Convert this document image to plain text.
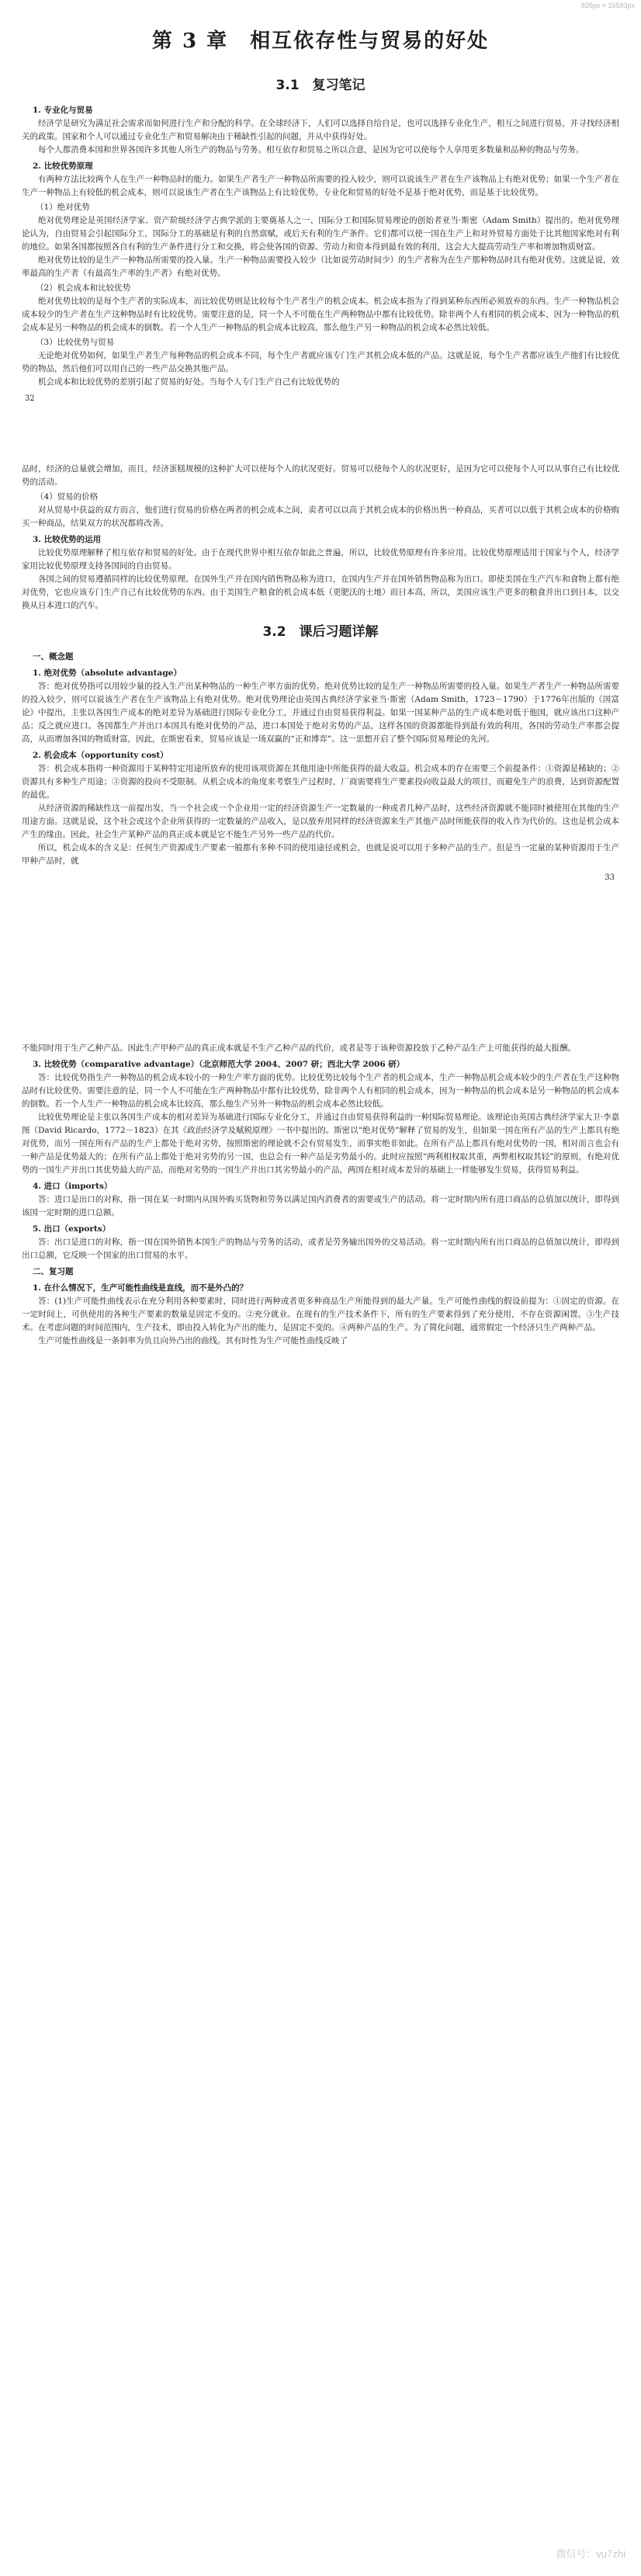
826px × 16593px
第 3 章　相互依存性与贸易的好处
3.1　复习笔记
1. 专业化与贸易

经济学是研究为满足社会需求而如何进行生产和分配的科学。在全球经济下，人们可以选择自给自足，也可以选择专业化生产，相互之间进行贸易，并寻找经济相关的政策。国家和个人可以通过专业化生产和贸易解决由于稀缺性引起的问题，并从中获得好处。

每个人都消费本国和世界各国许多其他人所生产的物品与劳务。相互依存和贸易之所以合意，是因为它可以使每个人享用更多数量和品种的物品与劳务。

2. 比较优势原理

有两种方法比较两个人在生产一种物品时的能力。如果生产者生产一种物品所需要的投入较少，则可以说该生产者在生产该物品上有绝对优势；如果一个生产者在生产一种物品上有较低的机会成本，则可以说该生产者在生产该物品上有比较优势。专业化和贸易的好处不是基于绝对优势，而是基于比较优势。

（1）绝对优势

绝对优势理论是英国经济学家、资产阶级经济学古典学派的主要奠基人之一、国际分工和国际贸易理论的创始者亚当·斯密（Adam Smith）提出的。绝对优势理论认为，自由贸易会引起国际分工，国际分工的基础是有利的自然禀赋，或后天有利的生产条件。它们都可以使一国在生产上和对外贸易方面处于比其他国家绝对有利的地位。如果各国都按照各自有利的生产条件进行分工和交换，将会使各国的资源、劳动力和资本得到最有效的利用，这会大大提高劳动生产率和增加物质财富。

绝对优势比较的是生产一种物品所需要的投入量。生产一种物品需要投入较少（比如说劳动时间少）的生产者称为在生产那种物品时具有绝对优势。这就是说，效率最高的生产者（有最高生产率的生产者）有绝对优势。

（2）机会成本和比较优势

绝对优势比较的是每个生产者的实际成本，而比较优势则是比较每个生产者生产的机会成本。机会成本指为了得到某种东西所必须放弃的东西。生产一种物品机会成本较少的生产者在生产这种物品时有比较优势。需要注意的是，同一个人不可能在生产两种物品中都有比较优势。除非两个人有相同的机会成本，因为一种物品的机会成本是另一种物品的机会成本的倒数。若一个人生产一种物品的机会成本比较高，那么他生产另一种物品的机会成本必然比较低。

（3）比较优势与贸易

无论绝对优势如何，如果生产者生产每种物品的机会成本不同，每个生产者就应该专门生产其机会成本低的产品。这就是说，每个生产者都应该生产他们有比较优势的物品，然后他们可以用自己的一些产品交换其他产品。

机会成本和比较优势的差别引起了贸易的好处。当每个人专门生产自己有比较优势的

32

品时，经济的总量就会增加，而且，经济蛋糕规模的这种扩大可以使每个人的状况更好。贸易可以使每个人的状况更好，是因为它可以使每个人可以从事自己有比较优势的活动。

（4）贸易的价格

对从贸易中获益的双方而言，他们进行贸易的价格在两者的机会成本之间，卖者可以以高于其机会成本的价格出售一种商品，买者可以以低于其机会成本的价格购买一种商品，结果双方的状况都将改善。

3. 比较优势的运用

比较优势原理解释了相互依存和贸易的好处。由于在现代世界中相互依存如此之普遍，所以，比较优势原理有许多应用。比较优势原理适用于国家与个人，经济学家用比较优势原理支持各国间的自由贸易。

各国之间的贸易遵循同样的比较优势原理。在国外生产并在国内销售物品称为进口，在国内生产并在国外销售物品称为出口。即使美国在生产汽车和食物上都有绝对优势，它也应该专门生产自己有比较优势的东西。由于美国生产粮食的机会成本低（更肥沃的土地）而日本高，所以，美国应该生产更多的粮食并出口到日本，以交换从日本进口的汽车。

3.2　课后习题详解
一、概念题
1. 绝对优势（absolute advantage）

答：绝对优势指可以用较少量的投入生产出某种物品的一种生产率方面的优势。绝对优势比较的是生产一种物品所需要的投入量。如果生产者生产一种物品所需要的投入较少，则可以说该生产者在生产该物品上有绝对优势。绝对优势理论由英国古典经济学家亚当·斯密（Adam Smith，1723－1790）于1776年出版的《国富论》中提出，主张以各国生产成本的绝对差异为基础进行国际专业化分工，并通过自由贸易获得利益。如果一国某种产品的生产成本绝对低于他国，就应该出口这种产品；反之就应进口。各国都生产并出口本国具有绝对优势的产品，进口本国处于绝对劣势的产品，这样各国的资源都能得到最有效的利用，各国的劳动生产率都会提高，从而增加各国的物质财富，因此，在斯密看来，贸易应该是一场双赢的“正和博弈”。这一思想开启了整个国际贸易理论的先河。

2. 机会成本（opportunity cost）

答：机会成本指将一种资源用于某种特定用途所放弃的使用该项资源在其他用途中所能获得的最大收益。机会成本的存在需要三个前提条件：①资源是稀缺的；②资源具有多种生产用途；③资源的投向不受限制。从机会成本的角度来考察生产过程时，厂商需要将生产要素投向收益最大的项目，而避免生产的浪费，达到资源配置的最优。

从经济资源的稀缺性这一前提出发，当一个社会或一个企业用一定的经济资源生产一定数量的一种或者几种产品时，这些经济资源就不能同时被使用在其他的生产用途方面。这就是说，这个社会或这个企业所获得的一定数量的产品收入，是以放弃用同样的经济资源来生产其他产品时所能获得的收入作为代价的。这也是机会成本产生的缘由。因此，社会生产某种产品的真正成本就是它不能生产另外一些产品的代价。

所以，机会成本的含义是：任何生产资源或生产要素一般都有多种不同的使用途径或机会，也就是说可以用于多种产品的生产。但是当一定量的某种资源用于生产甲种产品时，就

33

不能同时用于生产乙种产品。因此生产甲种产品的真正成本就是不生产乙种产品的代价，或者是等于该种资源投放于乙种产品生产上可能获得的最大报酬。

3. 比较优势（comparative advantage）（北京师范大学 2004、2007 研；西北大学 2006 研）

答：比较优势指生产一种物品的机会成本较小的一种生产率方面的优势。比较优势比较每个生产者的机会成本，生产一种物品机会成本较少的生产者在生产这种物品时有比较优势。需要注意的是，同一个人不可能在生产两种物品中都有比较优势，除非两个人有相同的机会成本，因为一种物品的机会成本是另一种物品的机会成本的倒数。若一个人生产一种物品的机会成本比较高，那么他生产另外一种物品的机会成本必然比较低。

比较优势理论是主张以各国生产成本的相对差异为基础进行国际专业化分工，并通过自由贸易获得利益的一种国际贸易理论。该理论由英国古典经济学家大卫·李嘉图（David Ricardo，1772－1823）在其《政治经济学及赋税原理》一书中提出的。斯密以“绝对优势”解释了贸易的发生，但如果一国在所有产品的生产上都具有绝对优势，而另一国在所有产品的生产上都处于绝对劣势，按照斯密的理论就不会有贸易发生，而事实绝非如此。在所有产品上都具有绝对优势的一国，相对而言也会有一种产品是优势最大的；在所有产品上都处于绝对劣势的另一国，也总会有一种产品是劣势最小的。此时应按照“两利相权取其重，两弊相权取其轻”的原则，有绝对优势的一国生产并出口其优势最大的产品，而绝对劣势的一国生产并出口其劣势最小的产品，两国在相对成本差异的基础上一样能够发生贸易，获得贸易利益。

4. 进口（imports）

答：进口是出口的对称，指一国在某一时期内从国外购买货物和劳务以满足国内消费者的需要或生产的活动。将一定时期内所有进口商品的总值加以统计，即得到该国一定时期的进口总额。

5. 出口（exports）

答：出口是进口的对称，指一国在国外销售本国生产的物品与劳务的活动，或者是劳务输出国外的交易活动。将一定时期内所有出口商品的总值加以统计，即得到出口总额，它反映一个国家的出口贸易的水平。

二、复习题
1. 在什么情况下，生产可能性曲线是直线，而不是外凸的？

答：(1)生产可能性曲线表示在充分利用各种要素时，同时进行两种或者更多种商品生产所能得到的最大产量。生产可能性曲线的假设前提为：①固定的资源。在一定时间上，可供使用的各种生产要素的数量是固定不变的。②充分就业。在现有的生产技术条件下，所有的生产要素得到了充分使用，不存在资源闲置。③生产技术。在考虑问题的时间范围内，生产技术，即由投入转化为产出的能力，是固定不变的。④两种产品的生产。为了简化问题，通常假定一个经济只生产两种产品。

生产可能性曲线是一条斜率为负且向外凸出的曲线。其有时性为生产可能性曲线反映了

微信号：vu7zhi
